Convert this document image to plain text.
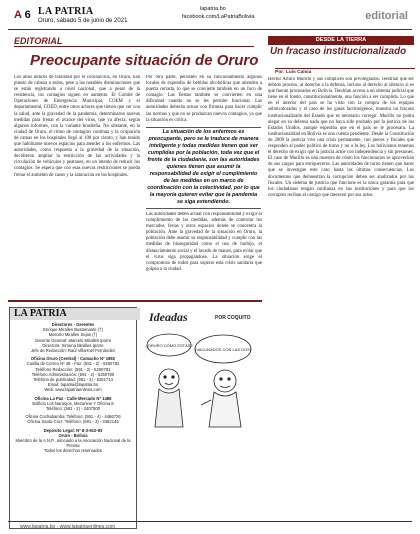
A 6 LA PATRIA
Oruro, sábado 5 de junio de 2021
lapatria.bo
facebook.com/LaPatriaBolivia	editorial
EDITORIAL
Preocupante situación de Oruro
Los altos índices de totalidad por el coronavirus, en Oruro, han puesto de cabeza a todos, pese a las notables disminuciones que se están registrando a nivel nacional, que a pesar de la resistencia, los contagios siguen en aumento. El Comité de Operaciones de Emergencia Municipal, COEM y el departamental, COED, entre otros actores que tienen que ver con la salud, ante la gravedad de la pandemia, determinaron nuevas medidas para frenar el avance del virus, que ya afecta, según algunos informes, con la variante brasileña. No obstante, en la ciudad de Oruro, el ritmo de contagios continúa y la ocupación de camas en los hospitales llegó al 100 por ciento, y han tenido que habilitarse nuevos espacios para atender a los enfermos. Las autoridades, como respuesta a la gravedad de la situación, decidieron ampliar la restricción de las actividades y la circulación de vehículos y peatones, en un intento de reducir los contagios. Se espera que con esas nuevas restricciones se pueda frenar el aumento de casos y la saturación en los hospitales.
Por otra parte, persisten en su funcionamiento algunos locales de expendio de bebidas alcohólicas que atienden a puerta cerrada, lo que se convierte también en un foco de contagio. Las fiestas también se convierten en una dificultad cuando no se les permite funcionar. Las autoridades deberán actuar con firmeza para hacer cumplir las normas y que no se produzcan nuevos contagios, ya que la situación es crítica.
La situación de los enfermos es preocupante, pero se le traduce de manera inteligente y todas medidas tienen que ser cumplidas por la población, toda vez que el frente de la ciudadanía, son las autoridades quienes tienen que asumir la responsabilidad de exigir el cumplimiento de las medidas en un marco de coordinación con la colectividad, por lo que la mayoría quieren evitar que la pandemia se siga extendiendo.
Las autoridades deben actuar con responsabilidad y exigir el cumplimiento de las medidas, además de controlar los mercados, ferias y otros espacios donde se concentra la población. Ante la gravedad de la situación en Oruro, la población debe asumir su responsabilidad y cumplir con las medidas de bioseguridad como el uso de barbijo, el distanciamiento social y el lavado de manos, para evitar que el virus siga propagándose. La situación exige el compromiso de todos para superar esta crisis sanitaria que golpea a la ciudad.
DESDE LA TIERRA
Un fracaso institucionalizado
Por: Luis Calsia
Hector Arturo Murillo y sus cómplices son privilegiados. Tendrían que ser debido proceso, al derecho a la defensa, incluso al derecho al silencio si es que fueran procesados en Bolivia. Tendrían acceso a un sistema judicial que tiene en el fondo, constitucionalmente, una función a ser cumplida. Lo que en el interior del país se ha visto con la compra de los equipos sobrevalorados y el caso de los gases lacrimógenos, muestra un fracaso institucionalizado del Estado que es necesario corregir. Murillo no podrá alegar en su defensa nada que no haya sido probado por la justicia de los Estados Unidos, aunque esperaba que en el país se le procesara. La institucionalidad en Bolivia es una cuenta pendiente. Desde la Constitución de 2009 la justicia vive una crisis permanente, con jueces y fiscales que responden al poder político de turno y no a la ley. Los bolivianos tenemos el derecho de exigir que la justicia actúe con independencia y sin presiones. El caso de Murillo es una muestra de cómo los funcionarios se aprovechan de sus cargos para enriquecerse. Las autoridades de turno tienen que hacer que se investigue este caso hasta las últimas consecuencias. Los documentos que demuestran la corrupción deben ser analizados por los fiscales. Un sistema de justicia que funcione es la única garantía para que los ciudadanos tengan confianza en sus instituciones y para que los corruptos reciban el castigo que merecen por sus actos.
LA PATRIA
Directores - Gerentes
Enrique Miralles Bustamante (†)
Marcelo Miralles Sejas (†)
Gerente General: Marcelo Miralles Iporre
Directora: Ximena Miralles Iporre
Jefe de Redacción: Raúl Villarroel Fernández
Oficina Oruro (Central) - Camacho Nº 1892
Casilla de Correo Nº 48 - Fax: (591 - 2) - 5250782
Teléfono Redacción: (591 - 2) - 5250781
Teléfono Administración: (591 - 2) - 5250780
Teléfono de publicidad: (591 - 2) - 5251714
Email: lapatria@lapatria.bo
Web: www.lapatriaenlinea.com
Oficina La Paz - Calle Mercado Nº 1486
Edificio Los Naranjos, Mezanine Y Oficina 8
Teléfono: (591 - 2) - 2407500
Oficina Cochabamba: Teléfono: (591 - 4) - 4466726
Oficina Santa Cruz: Teléfono: (591 - 3) - 3362145
Depósito Legal: Nº 8-3-910-93
Oruro - Bolivia
Miembro de la A.N.P., asociado a la Asociación Nacional de la Prensa
Todos los derechos reservados
Ideadas	POR COQUITO
¿ORURO CÓMO ESTÁS?
¡VACUNADOS CON LAS DOS!
www.lapatria.bo - www.lapatriaenlinea.com
